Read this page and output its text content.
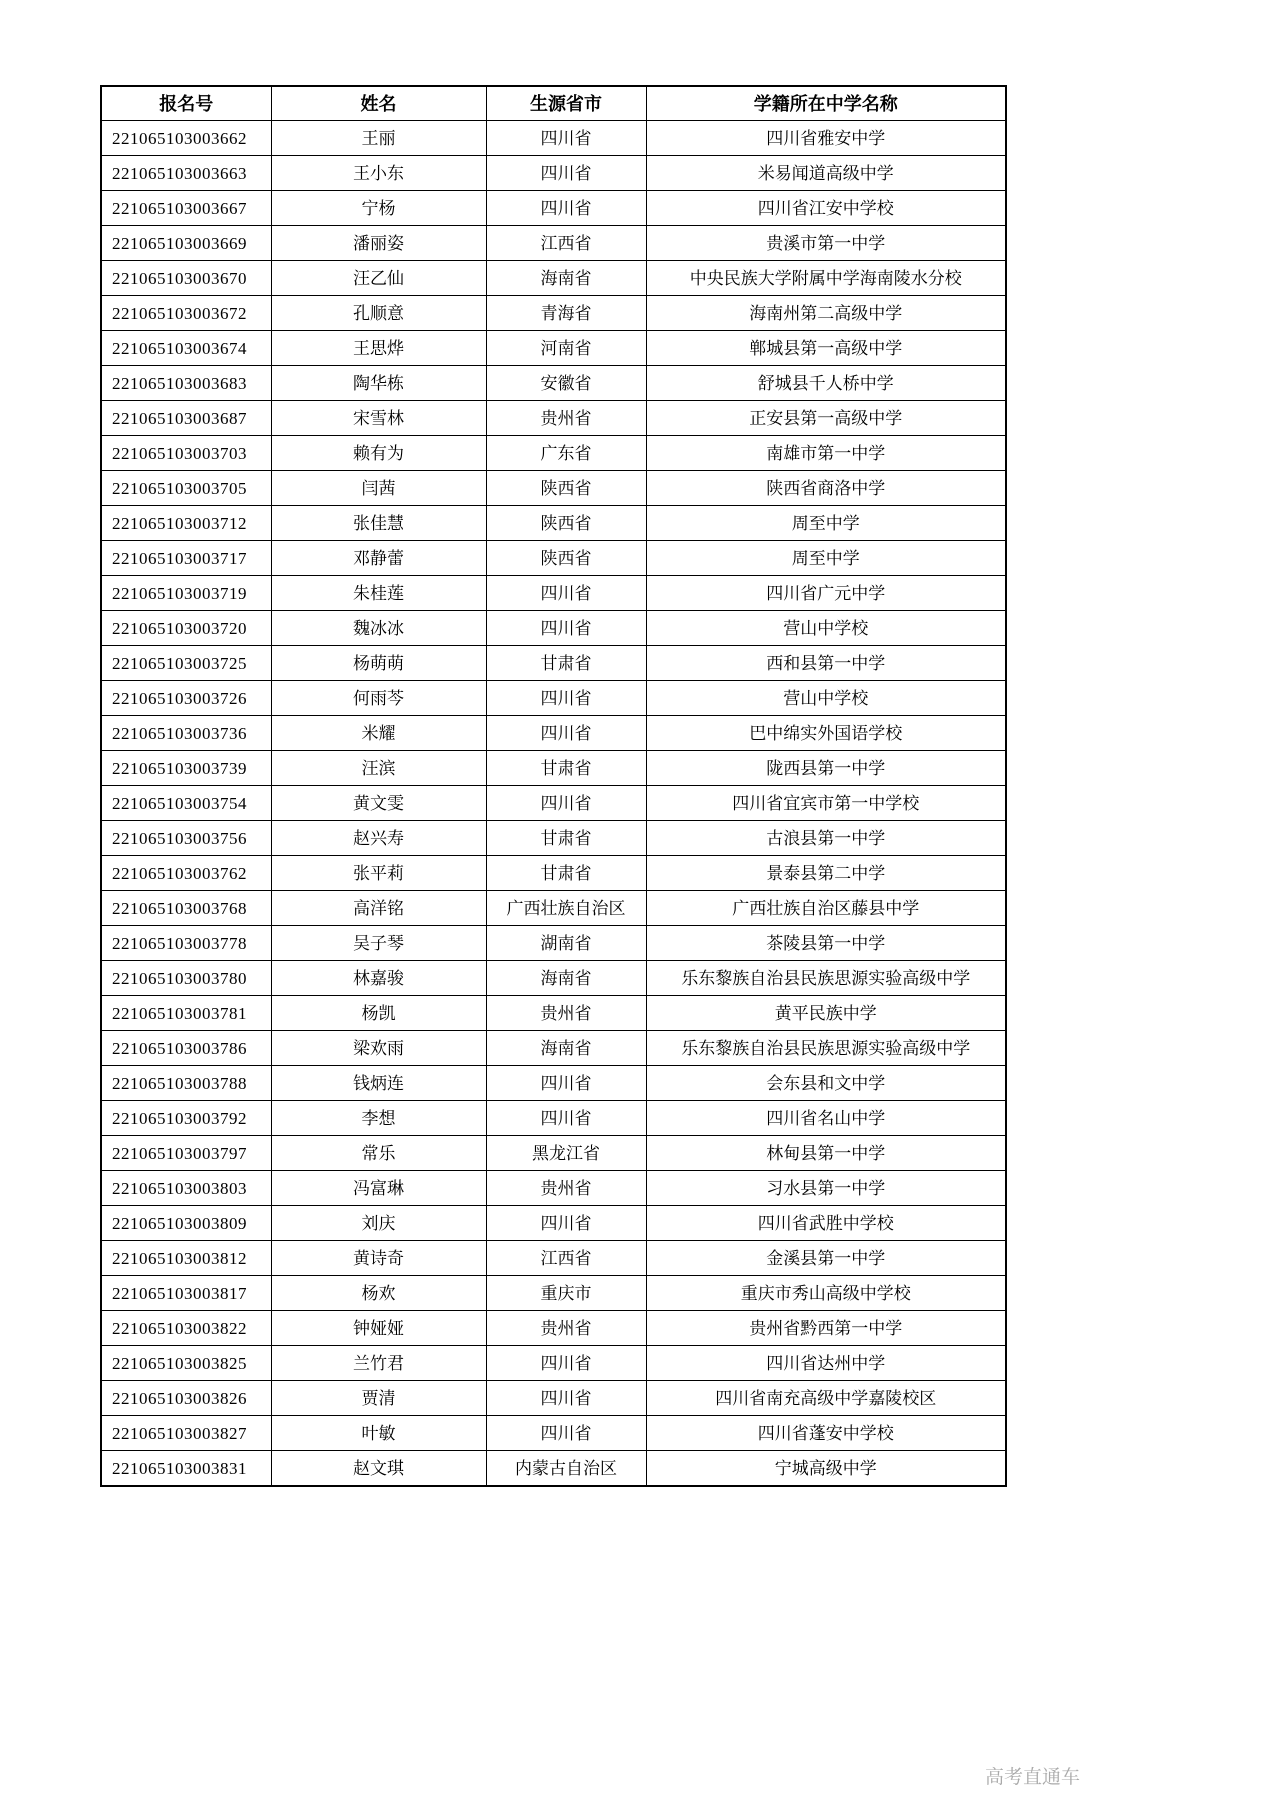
报名号	姓名	生源省市	学籍所在中学名称
221065103003662	王丽	四川省	四川省雅安中学
221065103003663	王小东	四川省	米易闻道高级中学
221065103003667	宁杨	四川省	四川省江安中学校
221065103003669	潘丽姿	江西省	贵溪市第一中学
221065103003670	汪乙仙	海南省	中央民族大学附属中学海南陵水分校
221065103003672	孔顺意	青海省	海南州第二高级中学
221065103003674	王思烨	河南省	郸城县第一高级中学
221065103003683	陶华栋	安徽省	舒城县千人桥中学
221065103003687	宋雪林	贵州省	正安县第一高级中学
221065103003703	赖有为	广东省	南雄市第一中学
221065103003705	闫茜	陕西省	陕西省商洛中学
221065103003712	张佳慧	陕西省	周至中学
221065103003717	邓静蕾	陕西省	周至中学
221065103003719	朱桂莲	四川省	四川省广元中学
221065103003720	魏冰冰	四川省	营山中学校
221065103003725	杨萌萌	甘肃省	西和县第一中学
221065103003726	何雨芩	四川省	营山中学校
221065103003736	米耀	四川省	巴中绵实外国语学校
221065103003739	汪滨	甘肃省	陇西县第一中学
221065103003754	黄文雯	四川省	四川省宜宾市第一中学校
221065103003756	赵兴寿	甘肃省	古浪县第一中学
221065103003762	张平莉	甘肃省	景泰县第二中学
221065103003768	高洋铭	广西壮族自治区	广西壮族自治区藤县中学
221065103003778	吴子琴	湖南省	茶陵县第一中学
221065103003780	林嘉骏	海南省	乐东黎族自治县民族思源实验高级中学
221065103003781	杨凯	贵州省	黄平民族中学
221065103003786	梁欢雨	海南省	乐东黎族自治县民族思源实验高级中学
221065103003788	钱炳连	四川省	会东县和文中学
221065103003792	李想	四川省	四川省名山中学
221065103003797	常乐	黑龙江省	林甸县第一中学
221065103003803	冯富琳	贵州省	习水县第一中学
221065103003809	刘庆	四川省	四川省武胜中学校
221065103003812	黄诗奇	江西省	金溪县第一中学
221065103003817	杨欢	重庆市	重庆市秀山高级中学校
221065103003822	钟娅娅	贵州省	贵州省黔西第一中学
221065103003825	兰竹君	四川省	四川省达州中学
221065103003826	贾清	四川省	四川省南充高级中学嘉陵校区
221065103003827	叶敏	四川省	四川省蓬安中学校
221065103003831	赵文琪	内蒙古自治区	宁城高级中学
高考直通车
